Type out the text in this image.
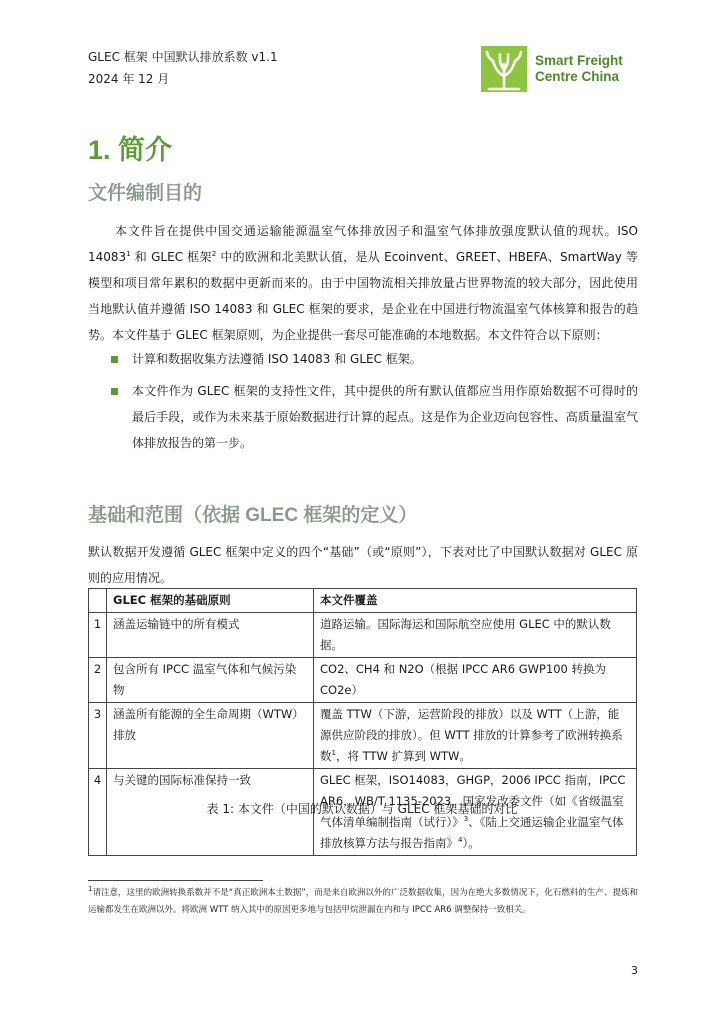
GLEC 框架 中国默认排放系数 v1.1
2024 年 12 月
Smart Freight
Centre China
1. 简介
文件编制目的

本文件旨在提供中国交通运输能源温室气体排放因子和温室气体排放强度默认值的现状。ISO 14083$^1$ 和 GLEC 框架$^2$ 中的欧洲和北美默认值，是从 Ecoinvent、GREET、HBEFA、SmartWay 等模型和项目常年累积的数据中更新而来的。由于中国物流相关排放量占世界物流的较大部分，因此使用当地默认值并遵循 ISO 14083 和 GLEC 框架的要求，是企业在中国进行物流温室气体核算和报告的趋势。本文件基于 GLEC 框架原则，为企业提供一套尽可能准确的本地数据。本文件符合以下原则：

计算和数据收集方法遵循 ISO 14083 和 GLEC 框架。
本文件作为 GLEC 框架的支持性文件，其中提供的所有默认值都应当用作原始数据不可得时的最后手段，或作为未来基于原始数据进行计算的起点。这是作为企业迈向包容性、高质量温室气体排放报告的第一步。
基础和范围（依据 GLEC 框架的定义）

默认数据开发遵循 GLEC 框架中定义的四个“基础”（或“原则”），下表对比了中国默认数据对 GLEC 原则的应用情况。

	GLEC 框架的基础原则	本文件覆盖
1	涵盖运输链中的所有模式	道路运输。国际海运和国际航空应使用 GLEC 中的默认数据。
2	包含所有 IPCC 温室气体和气候污染物	CO2、CH4 和 N2O（根据 IPCC AR6 GWP100 转换为 CO2e）
3	涵盖所有能源的全生命周期（WTW）排放	覆盖 TTW（下游，运营阶段的排放）以及 WTT（上游，能源供应阶段的排放）。但 WTT 排放的计算参考了欧洲转换系数$^1$，将 TTW 扩算到 WTW。
4	与关键的国际标准保持一致	GLEC 框架，ISO14083，GHGP，2006 IPCC 指南，IPCC AR6，WB/T 1135-2023，国家发改委文件（如《省级温室气体清单编制指南（试行）》$^3$、《陆上交通运输企业温室气体排放核算方法与报告指南》$^4$）。
表 1: 本文件（中国的默认数据）与 GLEC 框架基础的对比

$^1$请注意，这里的欧洲转换系数并不是“真正欧洲本土数据”，而是来自欧洲以外的广泛数据收集，因为在绝大多数情况下，化石燃料的生产、提炼和运输都发生在欧洲以外。将欧洲 WTT 纳入其中的原因更多地与包括甲烷泄漏在内和与 IPCC AR6 调整保持一致相关。

3
